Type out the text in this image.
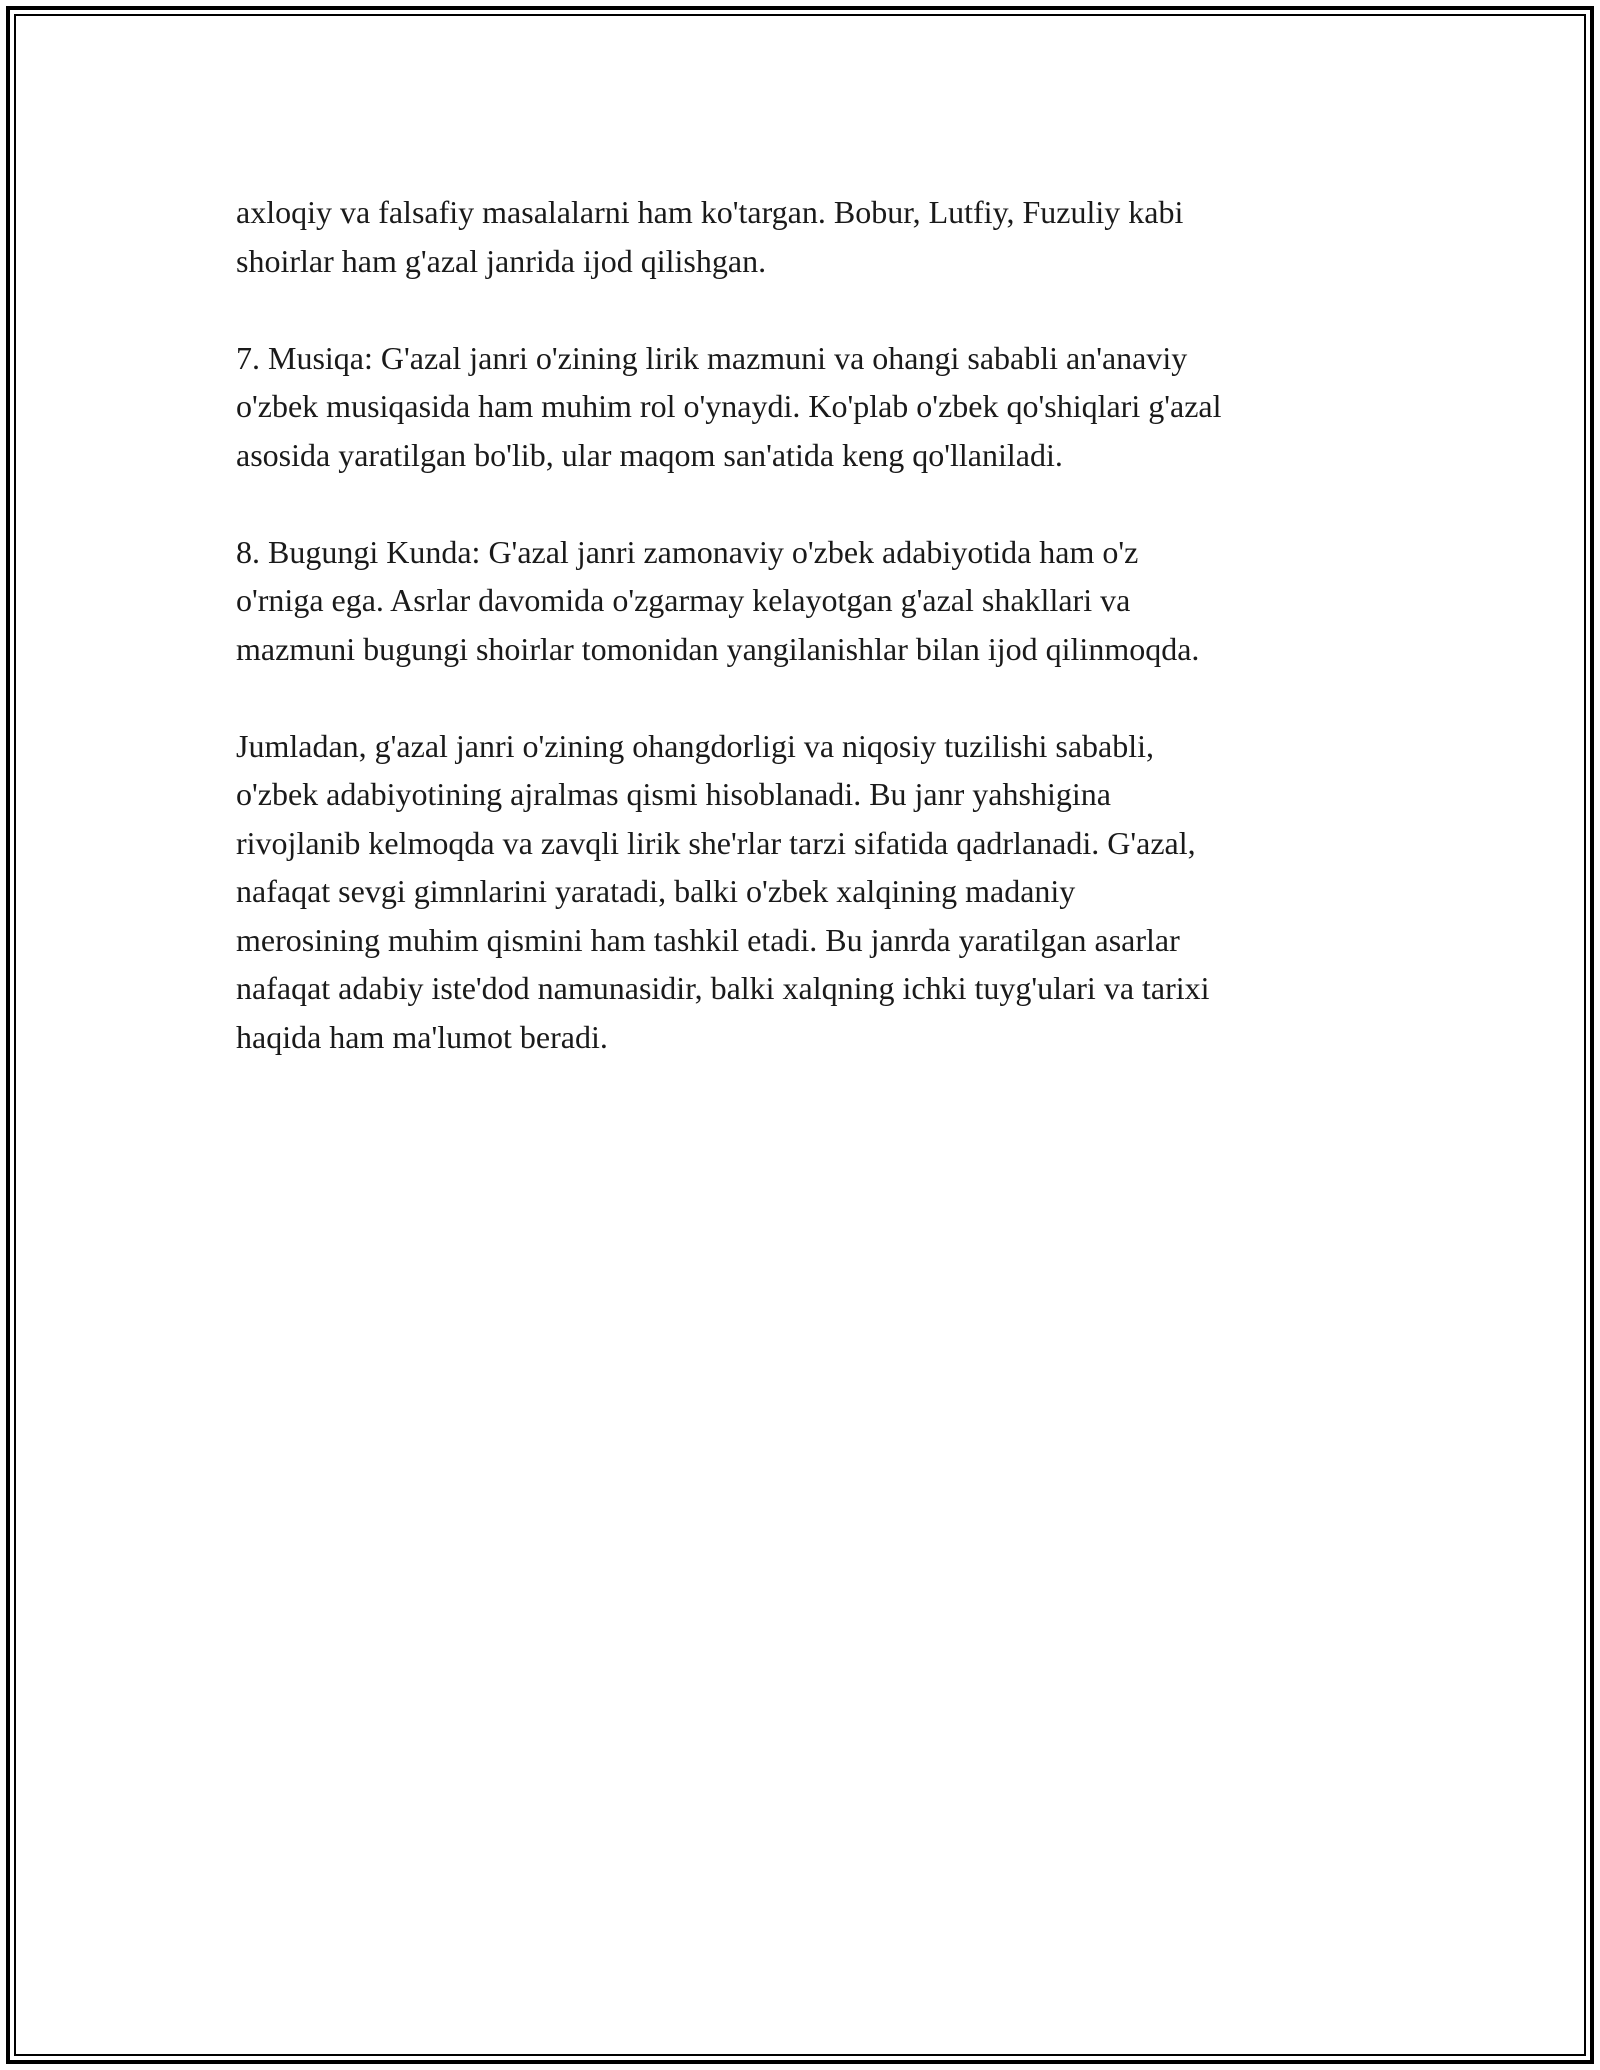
axloqiy va falsafiy masalalarni ham ko'targan. Bobur, Lutfiy, Fuzuliy kabi
shoirlar ham g'azal janrida ijod qilishgan.

7. Musiqa: G'azal janri o'zining lirik mazmuni va ohangi sababli an'anaviy
o'zbek musiqasida ham muhim rol o'ynaydi. Ko'plab o'zbek qo'shiqlari g'azal
asosida yaratilgan bo'lib, ular maqom san'atida keng qo'llaniladi.

8. Bugungi Kunda: G'azal janri zamonaviy o'zbek adabiyotida ham o'z
o'rniga ega. Asrlar davomida o'zgarmay kelayotgan g'azal shakllari va
mazmuni bugungi shoirlar tomonidan yangilanishlar bilan ijod qilinmoqda.

Jumladan, g'azal janri o'zining ohangdorligi va niqosiy tuzilishi sababli,
o'zbek adabiyotining ajralmas qismi hisoblanadi. Bu janr yahshigina
rivojlanib kelmoqda va zavqli lirik she'rlar tarzi sifatida qadrlanadi. G'azal,
nafaqat sevgi gimnlarini yaratadi, balki o'zbek xalqining madaniy
merosining muhim qismini ham tashkil etadi. Bu janrda yaratilgan asarlar
nafaqat adabiy iste'dod namunasidir, balki xalqning ichki tuyg'ulari va tarixi
haqida ham ma'lumot beradi.
